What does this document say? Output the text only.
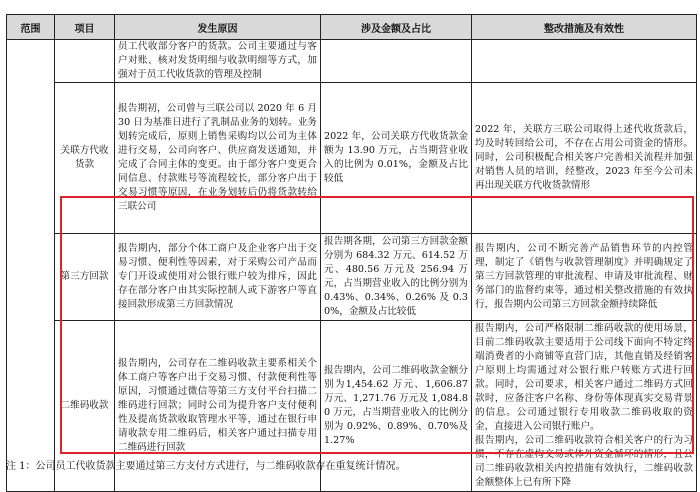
范围	项目	发生原因	涉及金额及占比	整改措施及有效性
		员工代收部分客户的货款。公司主要通过与客户对账、核对发货明细与收款明细等方式，加强对于员工代收货款的管理及控制		
	关联方代收货款	报告期初，公司曾与三联公司以 2020 年 6 月 30 日为基准日进行了乳制品业务的划转。业务划转完成后，原则上销售采购均以公司为主体进行交易，公司向客户、供应商发送通知，并完成了合同主体的变更。由于部分客户变更合同信息、付款账号等流程较长，部分客户出于交易习惯等原因，在业务划转后仍将货款转给三联公司	2022 年，公司关联方代收货款金额为 13.90 万元，占当期营业收入的比例为 0.01%，金额及占比较低	2022 年，关联方三联公司取得上述代收货款后，均及时转回给公司，不存在占用公司资金的情形。同时，公司积极配合相关客户完善相关流程并加强对销售人员的培训，经整改，2023 年至今公司未再出现关联方代收货款情形
	第三方回款	报告期内，部分个体工商户及企业客户出于交易习惯、便利性等因素，对于采购公司产品而专门开设或使用对公银行账户较为排斥，因此存在部分客户由其实际控制人或下游客户等直接回款形成第三方回款情况	报告期各期，公司第三方回款金额分别为 684.32 万元、614.52 万元、480.56 万元及 256.94 万元，占当期营业收入的比例分别为 0.43%、0.34%、0.26% 及 0.30%，金额及占比较低	报告期内，公司不断完善产品销售环节的内控管理，制定了《销售与收款管理制度》并明确规定了第三方回款管理的审批流程、申请及审批流程、财务部门的监督约束等，通过相关整改措施的有效执行，报告期内公司第三方回款金额持续降低
	二维码收款	报告期内，公司存在二维码收款主要系相关个体工商户等客户出于交易习惯、付款便利性等原因，习惯通过微信等第三方支付平台扫描二维码进行回款；同时公司为提升客户支付便利性及提高货款收取管理水平等，通过在银行申请收款专用二维码后，相关客户通过扫描专用二维码进行回款	报告期内，公司二维码收款金额分别为1,454.62 万元、1,606.87 万元、1,271.76 万元及 1,084.80 万元，占当期营业收入的比例分别为 0.92%、0.89%、0.70%及 1.27%	报告期内，公司严格限制二维码收款的使用场景，目前二维码收款主要适用于公司线下面向不特定终端消费者的小商铺等直营门店，其他直销及经销客户原则上均需通过对公银行账户转账方式进行回款。同时，公司要求，相关客户通过二维码方式回款时，应备注客户名称、身份等体现真实交易背景的信息。公司通过银行专用收款二维码收取的资金，直接进入公司银行账户。
报告期内，公司二维码收款符合相关客户的行为习惯，不存在虚构交易或体外资金循环的情形，且公司二维码收款相关内控措施有效执行，二维码收款金额整体上已有所下降
注 1：公司员工代收货款主要通过第三方支付方式进行，与二维码收款存在重复统计情况。
